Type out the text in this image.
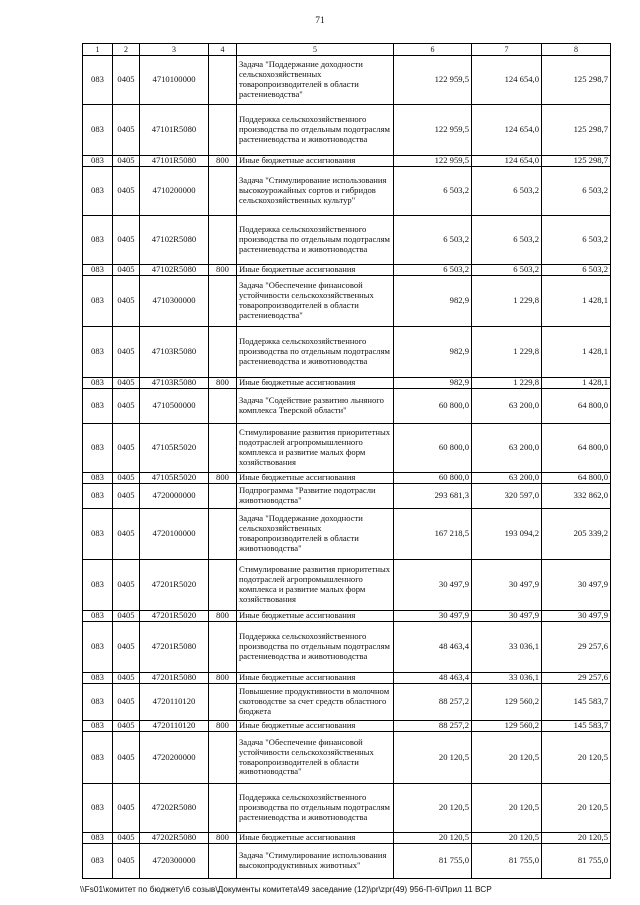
71
1	2	3	4	5	6	7	8
083	0405	4710100000		Задача "Поддержание доходности сельскохозяйственных товаропроизводителей в области растениеводства"	122 959,5	124 654,0	125 298,7
083	0405	47101R5080		Поддержка сельскохозяйственного производства по отдельным подотраслям растениеводства и животноводства	122 959,5	124 654,0	125 298,7
083	0405	47101R5080	800	Иные бюджетные ассигнования	122 959,5	124 654,0	125 298,7
083	0405	4710200000		Задача "Стимулирование использования высокоурожайных сортов и гибридов сельскохозяйственных культур"	6 503,2	6 503,2	6 503,2
083	0405	47102R5080		Поддержка сельскохозяйственного производства по отдельным подотраслям растениеводства и животноводства	6 503,2	6 503,2	6 503,2
083	0405	47102R5080	800	Иные бюджетные ассигнования	6 503,2	6 503,2	6 503,2
083	0405	4710300000		Задача "Обеспечение финансовой устойчивости сельскохозяйственных товаропроизводителей в области растениеводства"	982,9	1 229,8	1 428,1
083	0405	47103R5080		Поддержка сельскохозяйственного производства по отдельным подотраслям растениеводства и животноводства	982,9	1 229,8	1 428,1
083	0405	47103R5080	800	Иные бюджетные ассигнования	982,9	1 229,8	1 428,1
083	0405	4710500000		Задача "Содействие развитию льняного комплекса Тверской области"	60 800,0	63 200,0	64 800,0
083	0405	47105R5020		Стимулирование развития приоритетных подотраслей агропромышленного комплекса и развитие малых форм хозяйствования	60 800,0	63 200,0	64 800,0
083	0405	47105R5020	800	Иные бюджетные ассигнования	60 800,0	63 200,0	64 800,0
083	0405	4720000000		Подпрограмма "Развитие подотрасли животноводства"	293 681,3	320 597,0	332 862,0
083	0405	4720100000		Задача "Поддержание доходности сельскохозяйственных товаропроизводителей в области животноводства"	167 218,5	193 094,2	205 339,2
083	0405	47201R5020		Стимулирование развития приоритетных подотраслей агропромышленного комплекса и развитие малых форм хозяйствования	30 497,9	30 497,9	30 497,9
083	0405	47201R5020	800	Иные бюджетные ассигнования	30 497,9	30 497,9	30 497,9
083	0405	47201R5080		Поддержка сельскохозяйственного производства по отдельным подотраслям растениеводства и животноводства	48 463,4	33 036,1	29 257,6
083	0405	47201R5080	800	Иные бюджетные ассигнования	48 463,4	33 036,1	29 257,6
083	0405	4720110120		Повышение продуктивности в молочном скотоводстве за счет средств областного бюджета	88 257,2	129 560,2	145 583,7
083	0405	4720110120	800	Иные бюджетные ассигнования	88 257,2	129 560,2	145 583,7
083	0405	4720200000		Задача "Обеспечение финансовой устойчивости сельскохозяйственных товаропроизводителей в области животноводства"	20 120,5	20 120,5	20 120,5
083	0405	47202R5080		Поддержка сельскохозяйственного производства по отдельным подотраслям растениеводства и животноводства	20 120,5	20 120,5	20 120,5
083	0405	47202R5080	800	Иные бюджетные ассигнования	20 120,5	20 120,5	20 120,5
083	0405	4720300000		Задача "Стимулирование использования высокопродуктивных животных"	81 755,0	81 755,0	81 755,0
\\Fs01\комитет по бюджету\6 созыв\Документы комитета\49 заседание (12)\pr\zpr(49) 956-П-6\Прил 11 ВСР
